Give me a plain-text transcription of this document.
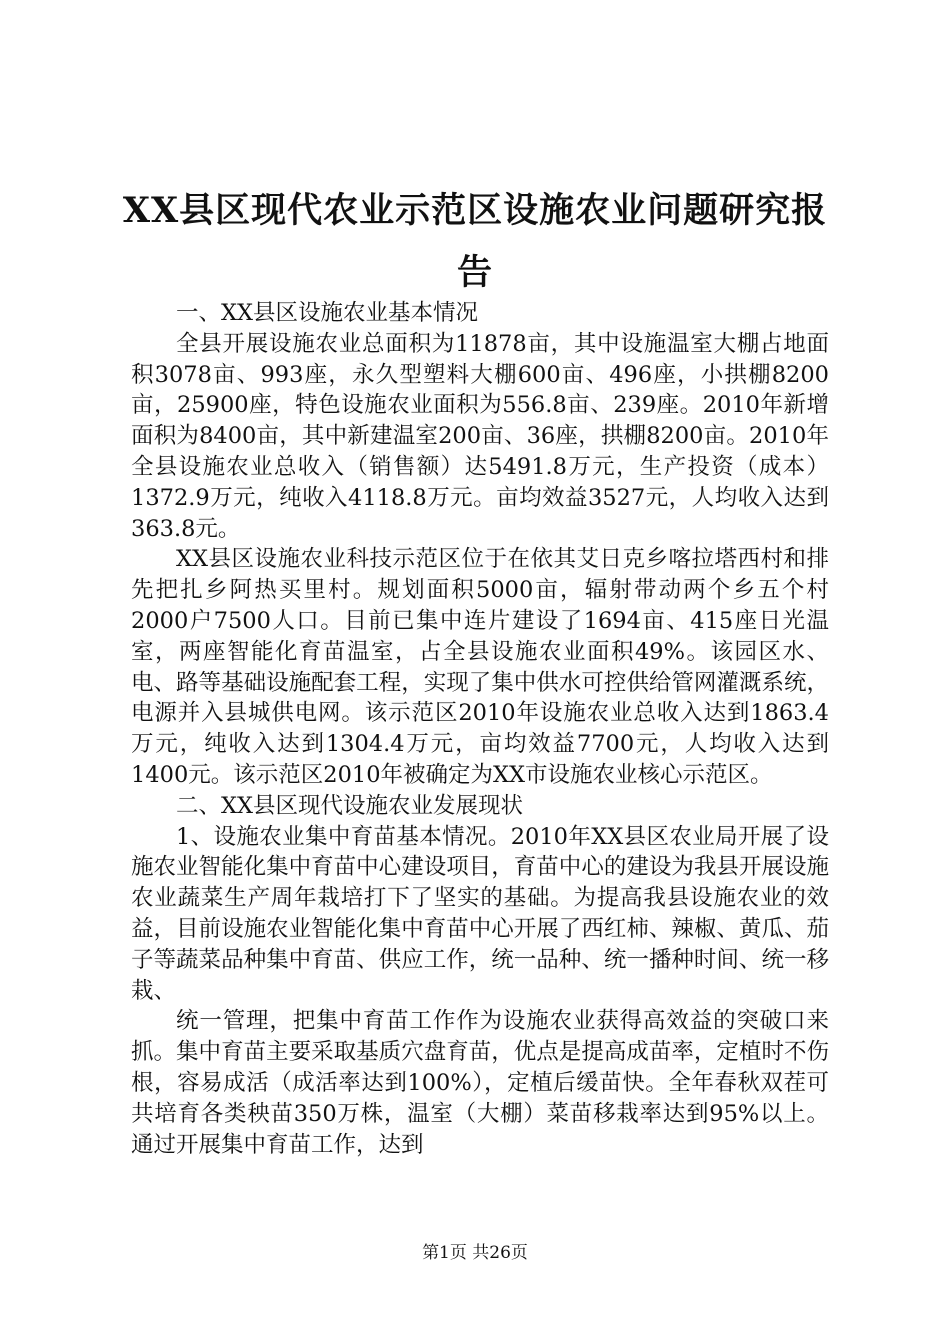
XX县区现代农业示范区设施农业问题研究报告

一、XX县区设施农业基本情况

全县开展设施农业总面积为11878亩，其中设施温室大棚占地面积3078亩、993座，永久型塑料大棚600亩、496座，小拱棚8200亩，25900座，特色设施农业面积为556.8亩、239座。2010年新增面积为8400亩，其中新建温室200亩、36座，拱棚8200亩。2010年全县设施农业总收入（销售额）达5491.8万元，生产投资（成本）1372.9万元，纯收入4118.8万元。亩均效益3527元，人均收入达到363.8元。

XX县区设施农业科技示范区位于在依其艾日克乡喀拉塔西村和排先把扎乡阿热买里村。规划面积5000亩，辐射带动两个乡五个村2000户7500人口。目前已集中连片建设了1694亩、415座日光温室，两座智能化育苗温室，占全县设施农业面积49%。该园区水、电、路等基础设施配套工程，实现了集中供水可控供给管网灌溉系统，电源并入县城供电网。该示范区2010年设施农业总收入达到1863.4万元，纯收入达到1304.4万元，亩均效益7700元，人均收入达到1400元。该示范区2010年被确定为XX市设施农业核心示范区。

二、XX县区现代设施农业发展现状

1、设施农业集中育苗基本情况。2010年XX县区农业局开展了设施农业智能化集中育苗中心建设项目，育苗中心的建设为我县开展设施农业蔬菜生产周年栽培打下了坚实的基础。为提高我县设施农业的效益，目前设施农业智能化集中育苗中心开展了西红柿、辣椒、黄瓜、茄子等蔬菜品种集中育苗、供应工作，统一品种、统一播种时间、统一移栽、

统一管理，把集中育苗工作作为设施农业获得高效益的突破口来抓。集中育苗主要采取基质穴盘育苗，优点是提高成苗率，定植时不伤根，容易成活（成活率达到100%），定植后缓苗快。全年春秋双茬可共培育各类秧苗350万株，温室（大棚）菜苗移栽率达到95%以上。通过开展集中育苗工作，达到

第1页 共26页
